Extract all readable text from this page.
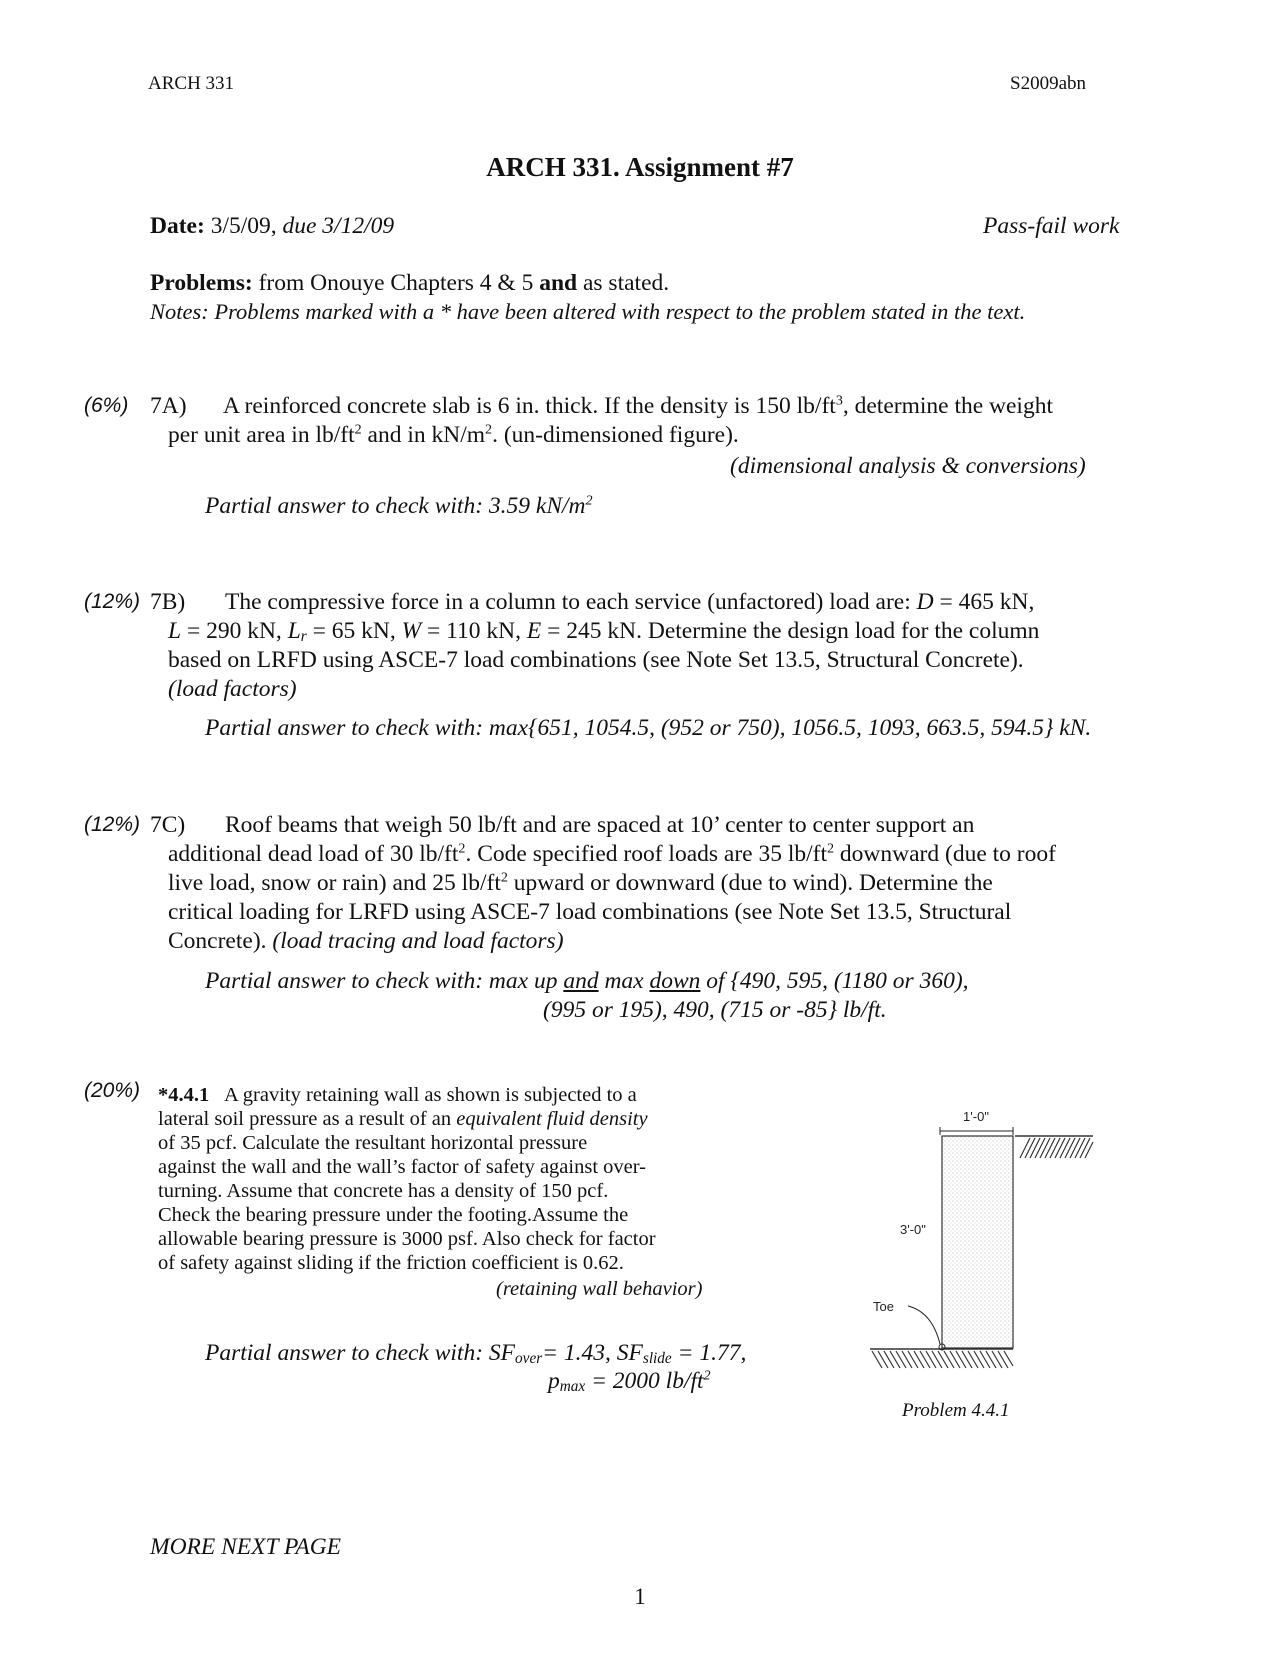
ARCH 331	S2009abn
ARCH 331. Assignment #7
Date: 3/5/09, due 3/12/09	Pass-fail work
Problems: from Onouye Chapters 4 & 5 and as stated.
Notes: Problems marked with a * have been altered with respect to the problem stated in the text.
(6%) 7A) A reinforced concrete slab is 6 in. thick. If the density is 150 $lb/ft^3$, determine the weight
per unit area in $lb/ft^2$ and in $kN/m^2$. (un-dimensioned figure).
(dimensional analysis & conversions)
Partial answer to check with: 3.59 $kN/m^2$
(12%) 7B) The compressive force in a column to each service (unfactored) load are: D = 465 kN,
L = 290 kN, $L_r = 65$ kN, W = 110 kN, E = 245 kN. Determine the design load for the column
based on LRFD using ASCE-7 load combinations (see Note Set 13.5, Structural Concrete).
(load factors)
Partial answer to check with: max{651, 1054.5, (952 or 750), 1056.5, 1093, 663.5, 594.5} kN.
(12%) 7C) Roof beams that weigh 50 lb/ft and are spaced at 10’ center to center support an
additional dead load of 30 $lb/ft^2$. Code specified roof loads are 35 $lb/ft^2$ downward (due to roof
live load, snow or rain) and 25 $lb/ft^2$ upward or downward (due to wind). Determine the
critical loading for LRFD using ASCE-7 load combinations (see Note Set 13.5, Structural
Concrete). (load tracing and load factors)
Partial answer to check with: max up and max down of {490, 595, (1180 or 360),
(995 or 195), 490, (715 or -85} lb/ft.
(20%) *4.4.1 A gravity retaining wall as shown is subjected to a
lateral soil pressure as a result of an equivalent fluid density
of 35 pcf. Calculate the resultant horizontal pressure
against the wall and the wall’s factor of safety against over-
turning. Assume that concrete has a density of 150 pcf.
Check the bearing pressure under the footing.Assume the
allowable bearing pressure is 3000 psf. Also check for factor
of safety against sliding if the friction coefficient is 0.62.
(retaining wall behavior)
Partial answer to check with: $SF_{over}= 1.43$, $SF_{slide} = 1.77$,
$p_{max} = 2000$ $lb/ft^2$
1'-0"
3'-0"
Toe
Problem 4.4.1
MORE NEXT PAGE
1
